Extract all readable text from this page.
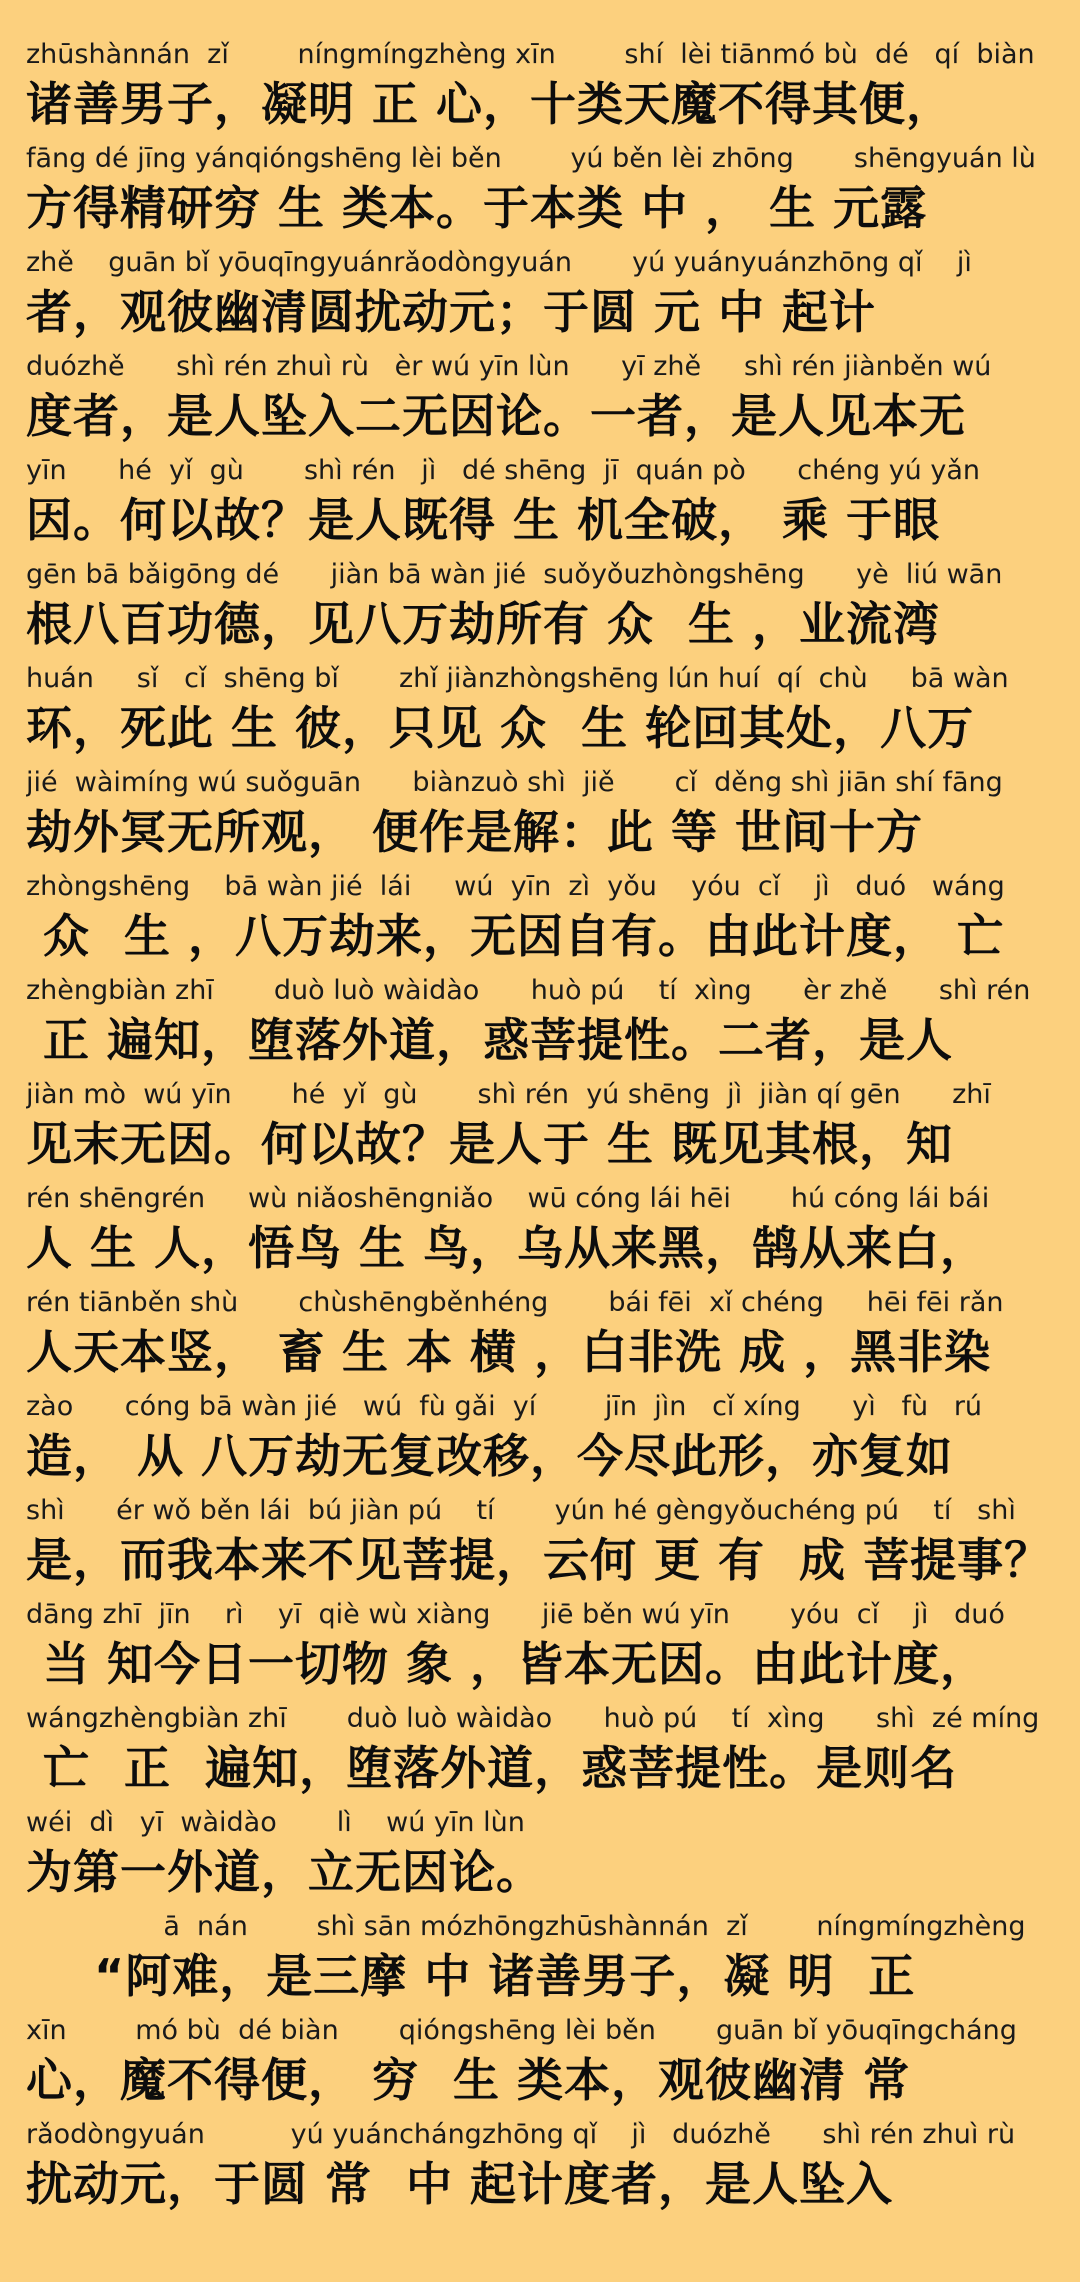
zhūshànnán  zǐ        níngmíngzhèng xīn        shí  lèi tiānmó bù  dé   qí  biàn
诸善男子，凝明 正 心，十类天魔不得其便，
fāng dé jīng yánqióngshēng lèi běn        yú běn lèi zhōng       shēngyuán lù
方得精研穷 生 类本。于本类 中 ， 生 元露
zhě    guān bǐ yōuqīngyuánrǎodòngyuán       yú yuányuánzhōng qǐ    jì
者，观彼幽清圆扰动元；于圆 元 中 起计
duózhě      shì rén zhuì rù   èr wú yīn lùn      yī zhě     shì rén jiànběn wú
度者，是人坠入二无因论。一者，是人见本无
yīn      hé  yǐ  gù       shì rén   jì   dé shēng  jī  quán pò      chéng yú yǎn
因。何以故？是人既得 生 机全破， 乘 于眼
gēn bā bǎigōng dé      jiàn bā wàn jié  suǒyǒuzhòngshēng      yè  liú wān
根八百功德，见八万劫所有 众  生 ，业流湾
huán     sǐ   cǐ  shēng bǐ       zhǐ jiànzhòngshēng lún huí  qí  chù     bā wàn
环，死此 生 彼，只见 众  生 轮回其处，八万
jié  wàimíng wú suǒguān      biànzuò shì  jiě       cǐ  děng shì jiān shí fāng
劫外冥无所观， 便作是解：此 等 世间十方
zhòngshēng    bā wàn jié  lái     wú  yīn  zì  yǒu    yóu  cǐ    jì   duó   wáng
众  生 ，八万劫来，无因自有。由此计度， 亡
zhèngbiàn zhī       duò luò wàidào      huò pú    tí  xìng      èr zhě      shì rén
正 遍知，堕落外道，惑菩提性。二者，是人
jiàn mò  wú yīn       hé  yǐ  gù       shì rén  yú shēng  jì  jiàn qí gēn      zhī
见末无因。何以故？是人于 生 既见其根，知
rén shēngrén     wù niǎoshēngniǎo    wū cóng lái hēi       hú cóng lái bái
人 生 人，悟鸟 生 鸟，乌从来黑，鹄从来白，
rén tiānběn shù       chùshēngběnhéng       bái fēi  xǐ chéng     hēi fēi rǎn
人天本竖， 畜 生 本 横 ，白非洗 成 ，黑非染
zào      cóng bā wàn jié   wú  fù gǎi  yí        jīn  jìn   cǐ xíng      yì   fù   rú
造， 从 八万劫无复改移，今尽此形，亦复如
shì      ér wǒ běn lái  bú jiàn pú    tí       yún hé gèngyǒuchéng pú    tí   shì
是，而我本来不见菩提，云何 更 有  成 菩提事？
dāng zhī  jīn    rì    yī  qiè wù xiàng      jiē běn wú yīn       yóu  cǐ    jì   duó
当 知今日一切物 象 ，皆本无因。由此计度，
wángzhèngbiàn zhī       duò luò wàidào      huò pú    tí  xìng      shì  zé míng
亡  正  遍知，堕落外道，惑菩提性。是则名
wéi  dì   yī  wàidào       lì    wú yīn lùn
为第一外道，立无因论。
ā  nán        shì sān mózhōngzhūshànnán  zǐ        níngmíngzhèng
“阿难，是三摩 中 诸善男子，凝 明  正
xīn        mó bù  dé biàn       qióngshēng lèi běn       guān bǐ yōuqīngcháng
心，魔不得便， 穷  生 类本，观彼幽清 常
rǎodòngyuán          yú yuánchángzhōng qǐ    jì   duózhě      shì rén zhuì rù
扰动元，于圆 常  中 起计度者，是人坠入
